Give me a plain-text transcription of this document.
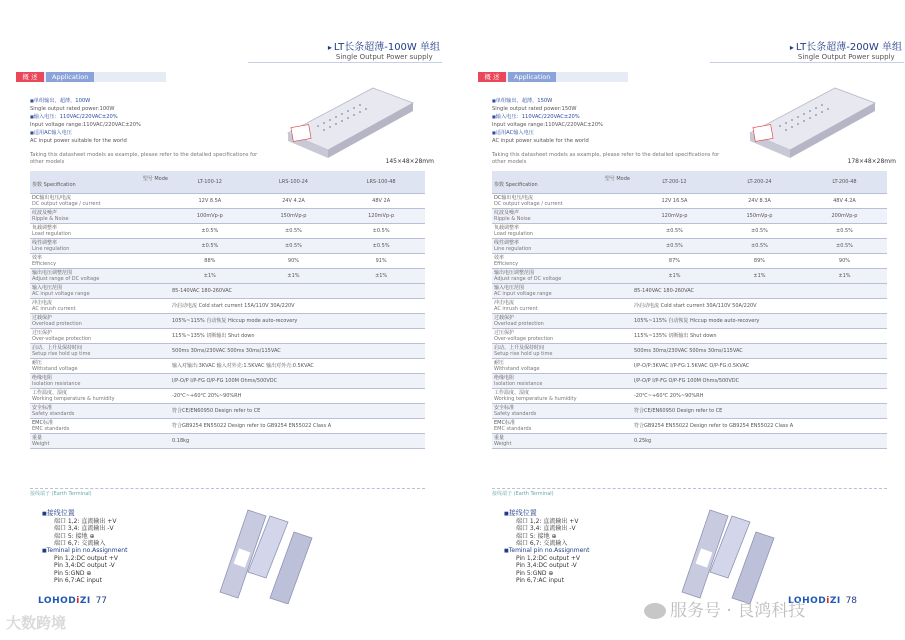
▸ LT长条超薄-100W 单组
Single Output Power supply
概 述	Application
■ 单组输出，超薄，100W
Single output rated power:100W
■ 输入电压：110VAC/220VAC±20%
Input voltage range:110VAC/220VAC±20%
■ 适用AC输入电压
AC input power suitable for the world
Taking this datasheet models as example, please refer to the detailed specifications for other models	145×48×28mm
型号 Mode
参数 Specification	LT-100-12	LRS-100-24	LRS-100-48
DC输出电压/电流
DC output voltage / current	12V 8.5A	24V 4.2A	48V 2A
纹波及噪声
Ripple & Noise	100mVp-p	150mVp-p	120mVp-p
负载调整率
Load regulation	±0.5%	±0.5%	±0.5%
线性调整率
Line regulation	±0.5%	±0.5%	±0.5%
效率
Efficiency	88%	90%	91%
输出电压调整范围
Adjust range of DC voltage	±1%	±1%	±1%
输入电压范围
AC input voltage range	85-140VAC 180-260VAC		
冲击电流
AC inrush current	冷启动电流 Cold start current 15A/110V 30A/220V		
过载保护
Overload protection	105%~115% 自动恢复 Hiccup mode auto-recovery		
过压保护
Over-voltage protection	115%~135% 切断输出 Shut down		
启动、上升及保持时间
Setup rise hold up time	500ms 30ms/230VAC 500ms 30ms/115VAC		
耐压
Withstand voltage	输入对输出:3KVAC 输入对外壳:1.5KVAC 输出对外壳:0.5KVAC		
绝缘电阻
Isolation resistance	I/P-O/P I/P-FG O/P-FG 100M Ohms/500VDC		
工作温度、湿度
Working temperature & humidity	-20℃~+60℃ 20%~90%RH		
安全标准
Safety standards	符合CE/EN60950 Design refer to CE		
EMC标准
EMC standards	符合GB9254 EN55022 Design refer to GB9254 EN55022 Class A		
重量
Weight	0.18kg		
接线端子 (Earth Terminal)
■ 接线位置
端口 1,2: 直流输出 +V
端口 3,4: 直流输出 -V
端口 5: 接地 ⊕
端口 6,7: 交流输入
■ Teminal pin no.Assignment
Pin 1,2:DC output +V
Pin 3,4:DC output -V
Pin 5:GND ⊕
Pin 6,7:AC input
LOHODiZI 77
▸ LT长条超薄-200W 单组
Single Output Power supply
概 述	Application
■ 单组输出，超薄，150W
Single output rated power:150W
■ 输入电压：110VAC/220VAC±20%
Input voltage range:110VAC/220VAC±20%
■ 适用AC输入电压
AC input power suitable for the world
Taking this datasheet models as example, please refer to the detailed specifications for other models	178×48×28mm
型号 Mode
参数 Specification	LT-200-12	LT-200-24	LT-200-48
DC输出电压/电流
DC output voltage / current	12V 16.5A	24V 8.3A	48V 4.2A
纹波及噪声
Ripple & Noise	120mVp-p	150mVp-p	200mVp-p
负载调整率
Load regulation	±0.5%	±0.5%	±0.5%
线性调整率
Line regulation	±0.5%	±0.5%	±0.5%
效率
Efficiency	87%	89%	90%
输出电压调整范围
Adjust range of DC voltage	±1%	±1%	±1%
输入电压范围
AC input voltage range	85-140VAC 180-260VAC		
冲击电流
AC inrush current	冷启动电流 Cold start current 30A/110V 50A/220V		
过载保护
Overload protection	105%~115% 自动恢复 Hiccup mode auto-recovery		
过压保护
Over-voltage protection	115%~135% 切断输出 Shut down		
启动、上升及保持时间
Setup rise hold up time	500ms 30ms/230VAC 500ms 30ms/115VAC		
耐压
Withstand voltage	I/P-O/P:3KVAC I/P-FG:1.5KVAC O/P-FG:0.5KVAC		
绝缘电阻
Isolation resistance	I/P-O/P I/P-FG O/P-FG 100M Ohms/500VDC		
工作温度、湿度
Working temperature & humidity	-20℃~+60℃ 20%~90%RH		
安全标准
Safety standards	符合CE/EN60950 Design refer to CE		
EMC标准
EMC standards	符合GB9254 EN55022 Design refer to GB9254 EN55022 Class A		
重量
Weight	0.25kg		
接线端子 (Earth Terminal)
■ 接线位置
端口 1,2: 直流输出 +V
端口 3,4: 直流输出 -V
端口 5: 接地 ⊕
端口 6,7: 交流输入
■ Teminal pin no.Assignment
Pin 1,2:DC output +V
Pin 3,4:DC output -V
Pin 5:GND ⊕
Pin 6,7:AC input
LOHODiZI 78
大数跨境
服务号 · 良鸿科技
